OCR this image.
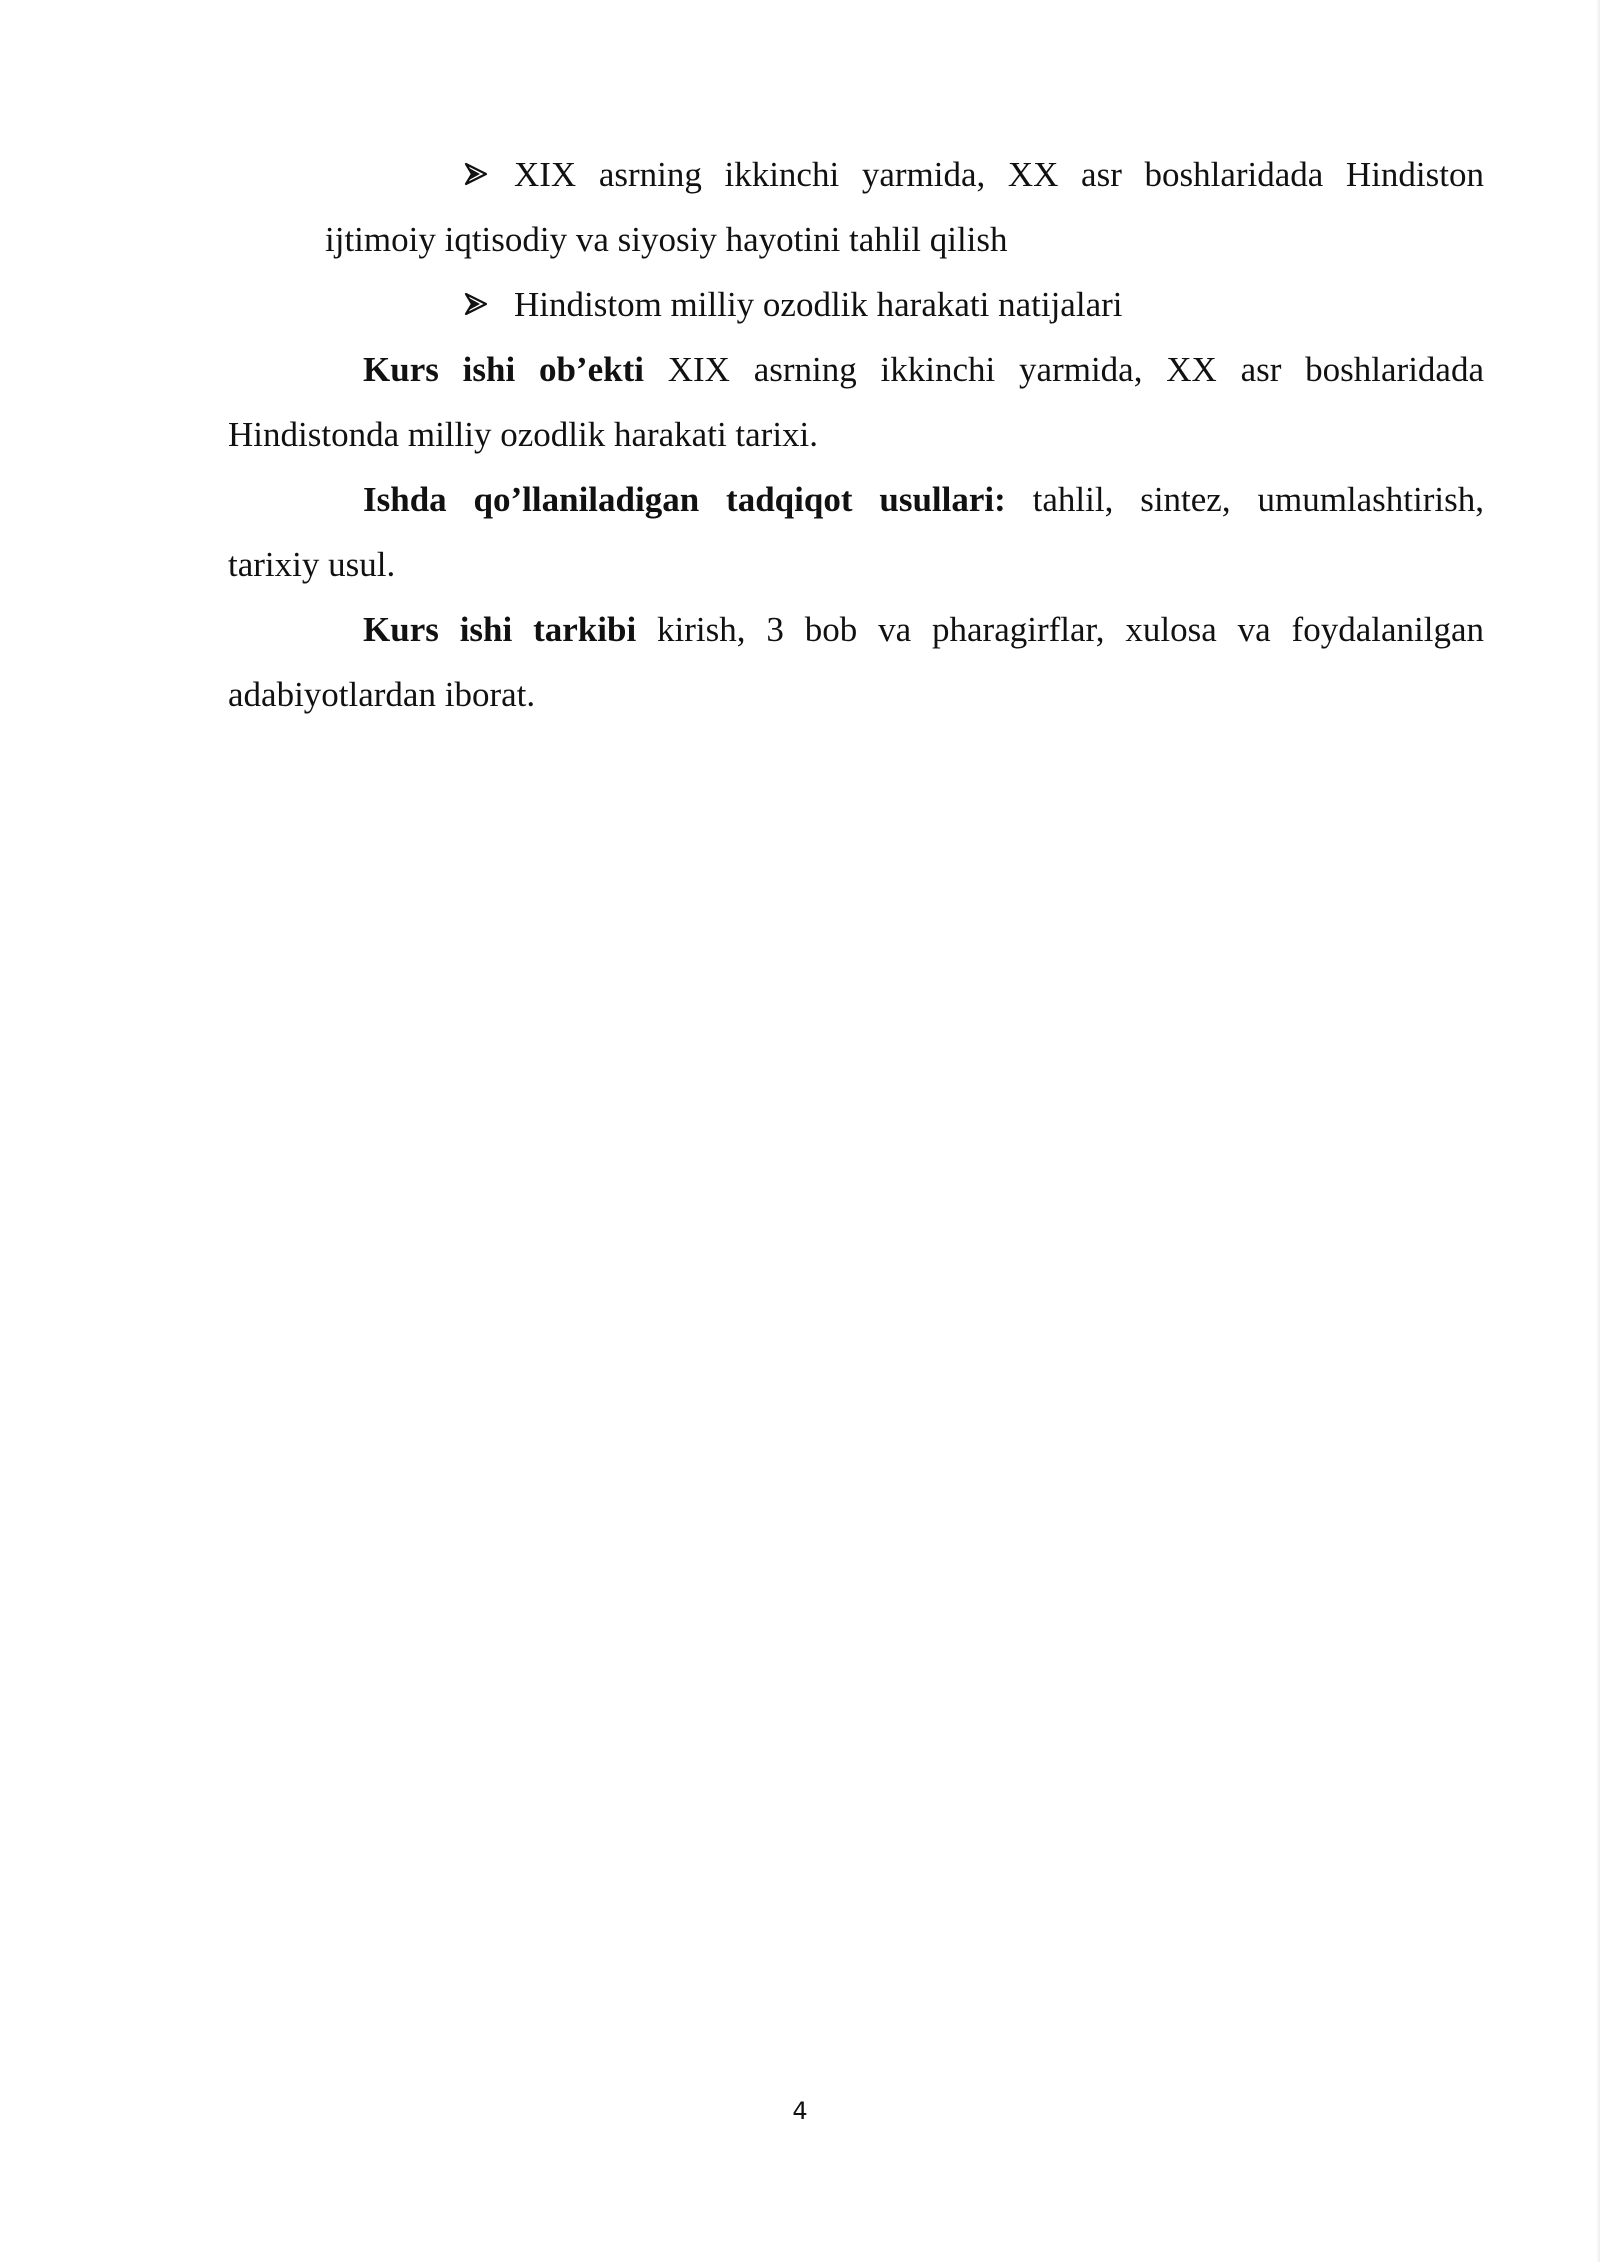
XIX asrning ikkinchi yarmida, XX asr boshlaridada Hindiston
ijtimoiy iqtisodiy va siyosiy hayotini tahlil qilish
Hindistom milliy ozodlik harakati natijalari
Kurs ishi ob’ekti XIX asrning ikkinchi yarmida, XX asr boshlaridada
Hindistonda milliy ozodlik harakati tarixi.
Ishda qo’llaniladigan tadqiqot usullari: tahlil, sintez, umumlashtirish,
tarixiy usul.
Kurs ishi tarkibi kirish, 3 bob va pharagirflar, xulosa va foydalanilgan
adabiyotlardan iborat.
4
